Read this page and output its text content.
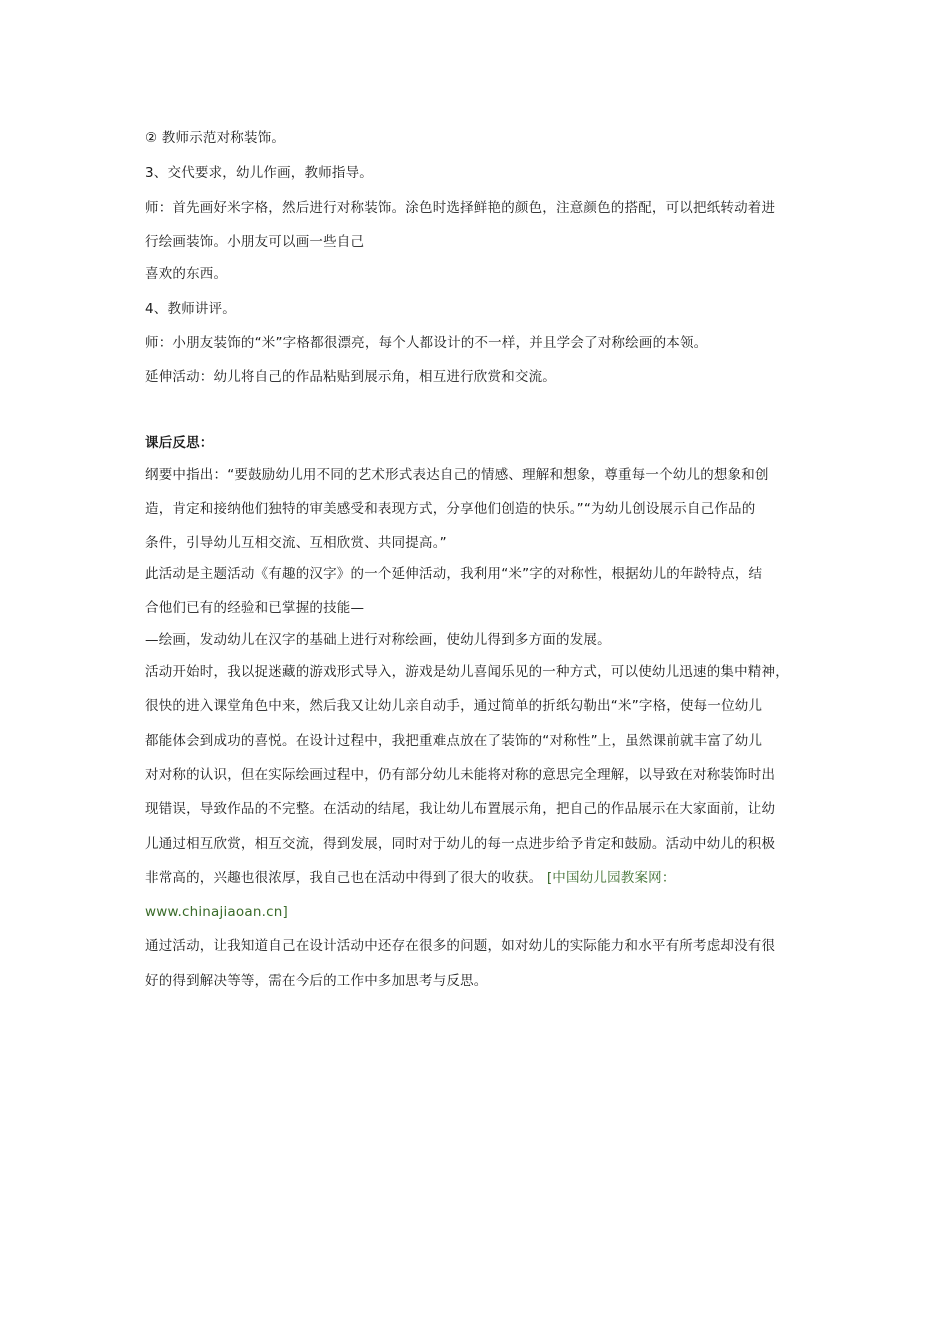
② 教师示范对称装饰。
3、交代要求，幼儿作画，教师指导。
师：首先画好米字格，然后进行对称装饰。涂色时选择鲜艳的颜色，注意颜色的搭配，可以把纸转动着进
行绘画装饰。小朋友可以画一些自己
喜欢的东西。
4、教师讲评。
师：小朋友装饰的“米”字格都很漂亮，每个人都设计的不一样，并且学会了对称绘画的本领。
延伸活动：幼儿将自己的作品粘贴到展示角，相互进行欣赏和交流。
课后反思：
纲要中指出：“要鼓励幼儿用不同的艺术形式表达自己的情感、理解和想象，尊重每一个幼儿的想象和创
造，肯定和接纳他们独特的审美感受和表现方式，分享他们创造的快乐。”“为幼儿创设展示自己作品的
条件，引导幼儿互相交流、互相欣赏、共同提高。”
此活动是主题活动《有趣的汉字》的一个延伸活动，我利用“米”字的对称性，根据幼儿的年龄特点，结
合他们已有的经验和已掌握的技能—
—绘画，发动幼儿在汉字的基础上进行对称绘画，使幼儿得到多方面的发展。
活动开始时，我以捉迷藏的游戏形式导入，游戏是幼儿喜闻乐见的一种方式，可以使幼儿迅速的集中精神，
很快的进入课堂角色中来，然后我又让幼儿亲自动手，通过简单的折纸勾勒出“米”字格，使每一位幼儿
都能体会到成功的喜悦。在设计过程中，我把重难点放在了装饰的“对称性”上，虽然课前就丰富了幼儿
对对称的认识，但在实际绘画过程中，仍有部分幼儿未能将对称的意思完全理解，以导致在对称装饰时出
现错误，导致作品的不完整。在活动的结尾，我让幼儿布置展示角，把自己的作品展示在大家面前，让幼
儿通过相互欣赏，相互交流，得到发展，同时对于幼儿的每一点进步给予肯定和鼓励。活动中幼儿的积极
非常高的，兴趣也很浓厚，我自己也在活动中得到了很大的收获。 [中国幼儿园教案网：
www.chinajiaoan.cn]
通过活动，让我知道自己在设计活动中还存在很多的问题，如对幼儿的实际能力和水平有所考虑却没有很
好的得到解决等等，需在今后的工作中多加思考与反思。
